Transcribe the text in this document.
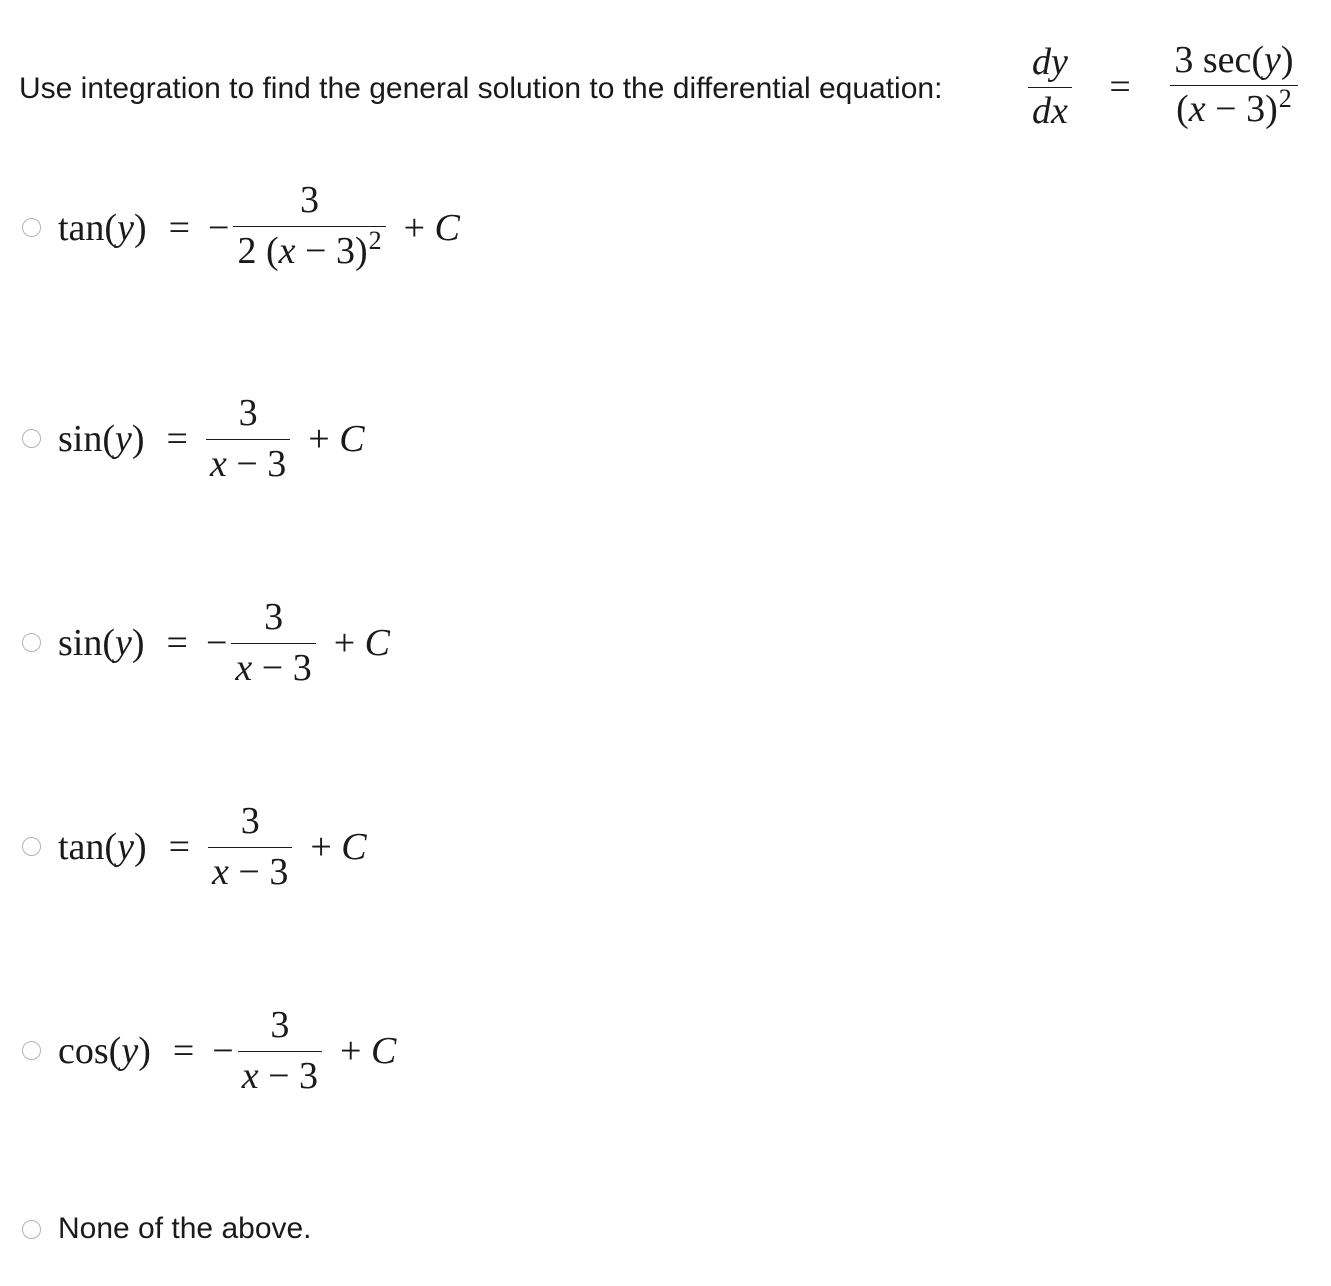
Use integration to find the general solution to the differential equation: $\frac{dy}{dx} = \frac{3 \sec(y)}{(x - 3)^2}$
tan(y) = − $\frac{3}{2 (x - 3)^2} + C$
$\sin(y) = \frac{3}{x - 3} + C$
sin(y) = − $\frac{3}{x - 3} + C$
$\tan(y) = \frac{3}{x - 3} + C$
cos(y) = − $\frac{3}{x - 3} + C$
None of the above.
